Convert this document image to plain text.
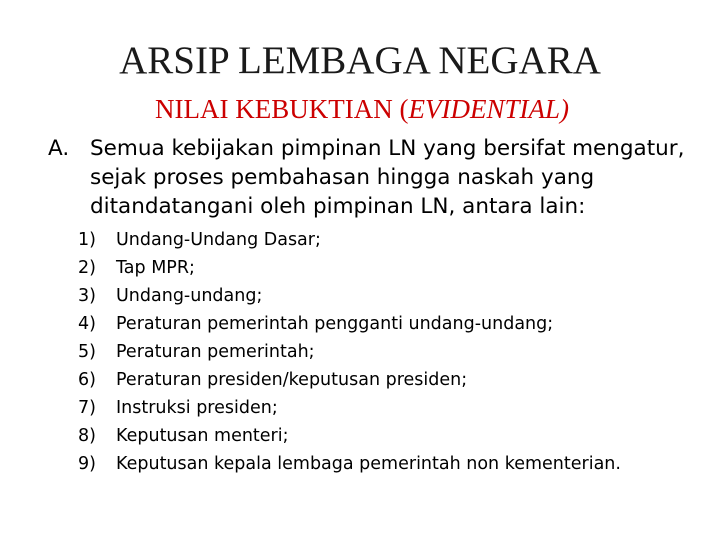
ARSIP LEMBAGA NEGARA
NILAI KEBUKTIAN (EVIDENTIAL)
A. Semua kebijakan pimpinan LN yang bersifat mengatur, sejak proses pembahasan hingga naskah yang ditandatangani oleh pimpinan LN, antara lain:
1) Undang-Undang Dasar;
2) Tap MPR;
3) Undang-undang;
4) Peraturan pemerintah pengganti undang-undang;
5) Peraturan pemerintah;
6) Peraturan presiden/keputusan presiden;
7) Instruksi presiden;
8) Keputusan menteri;
9) Keputusan kepala lembaga pemerintah non kementerian.
